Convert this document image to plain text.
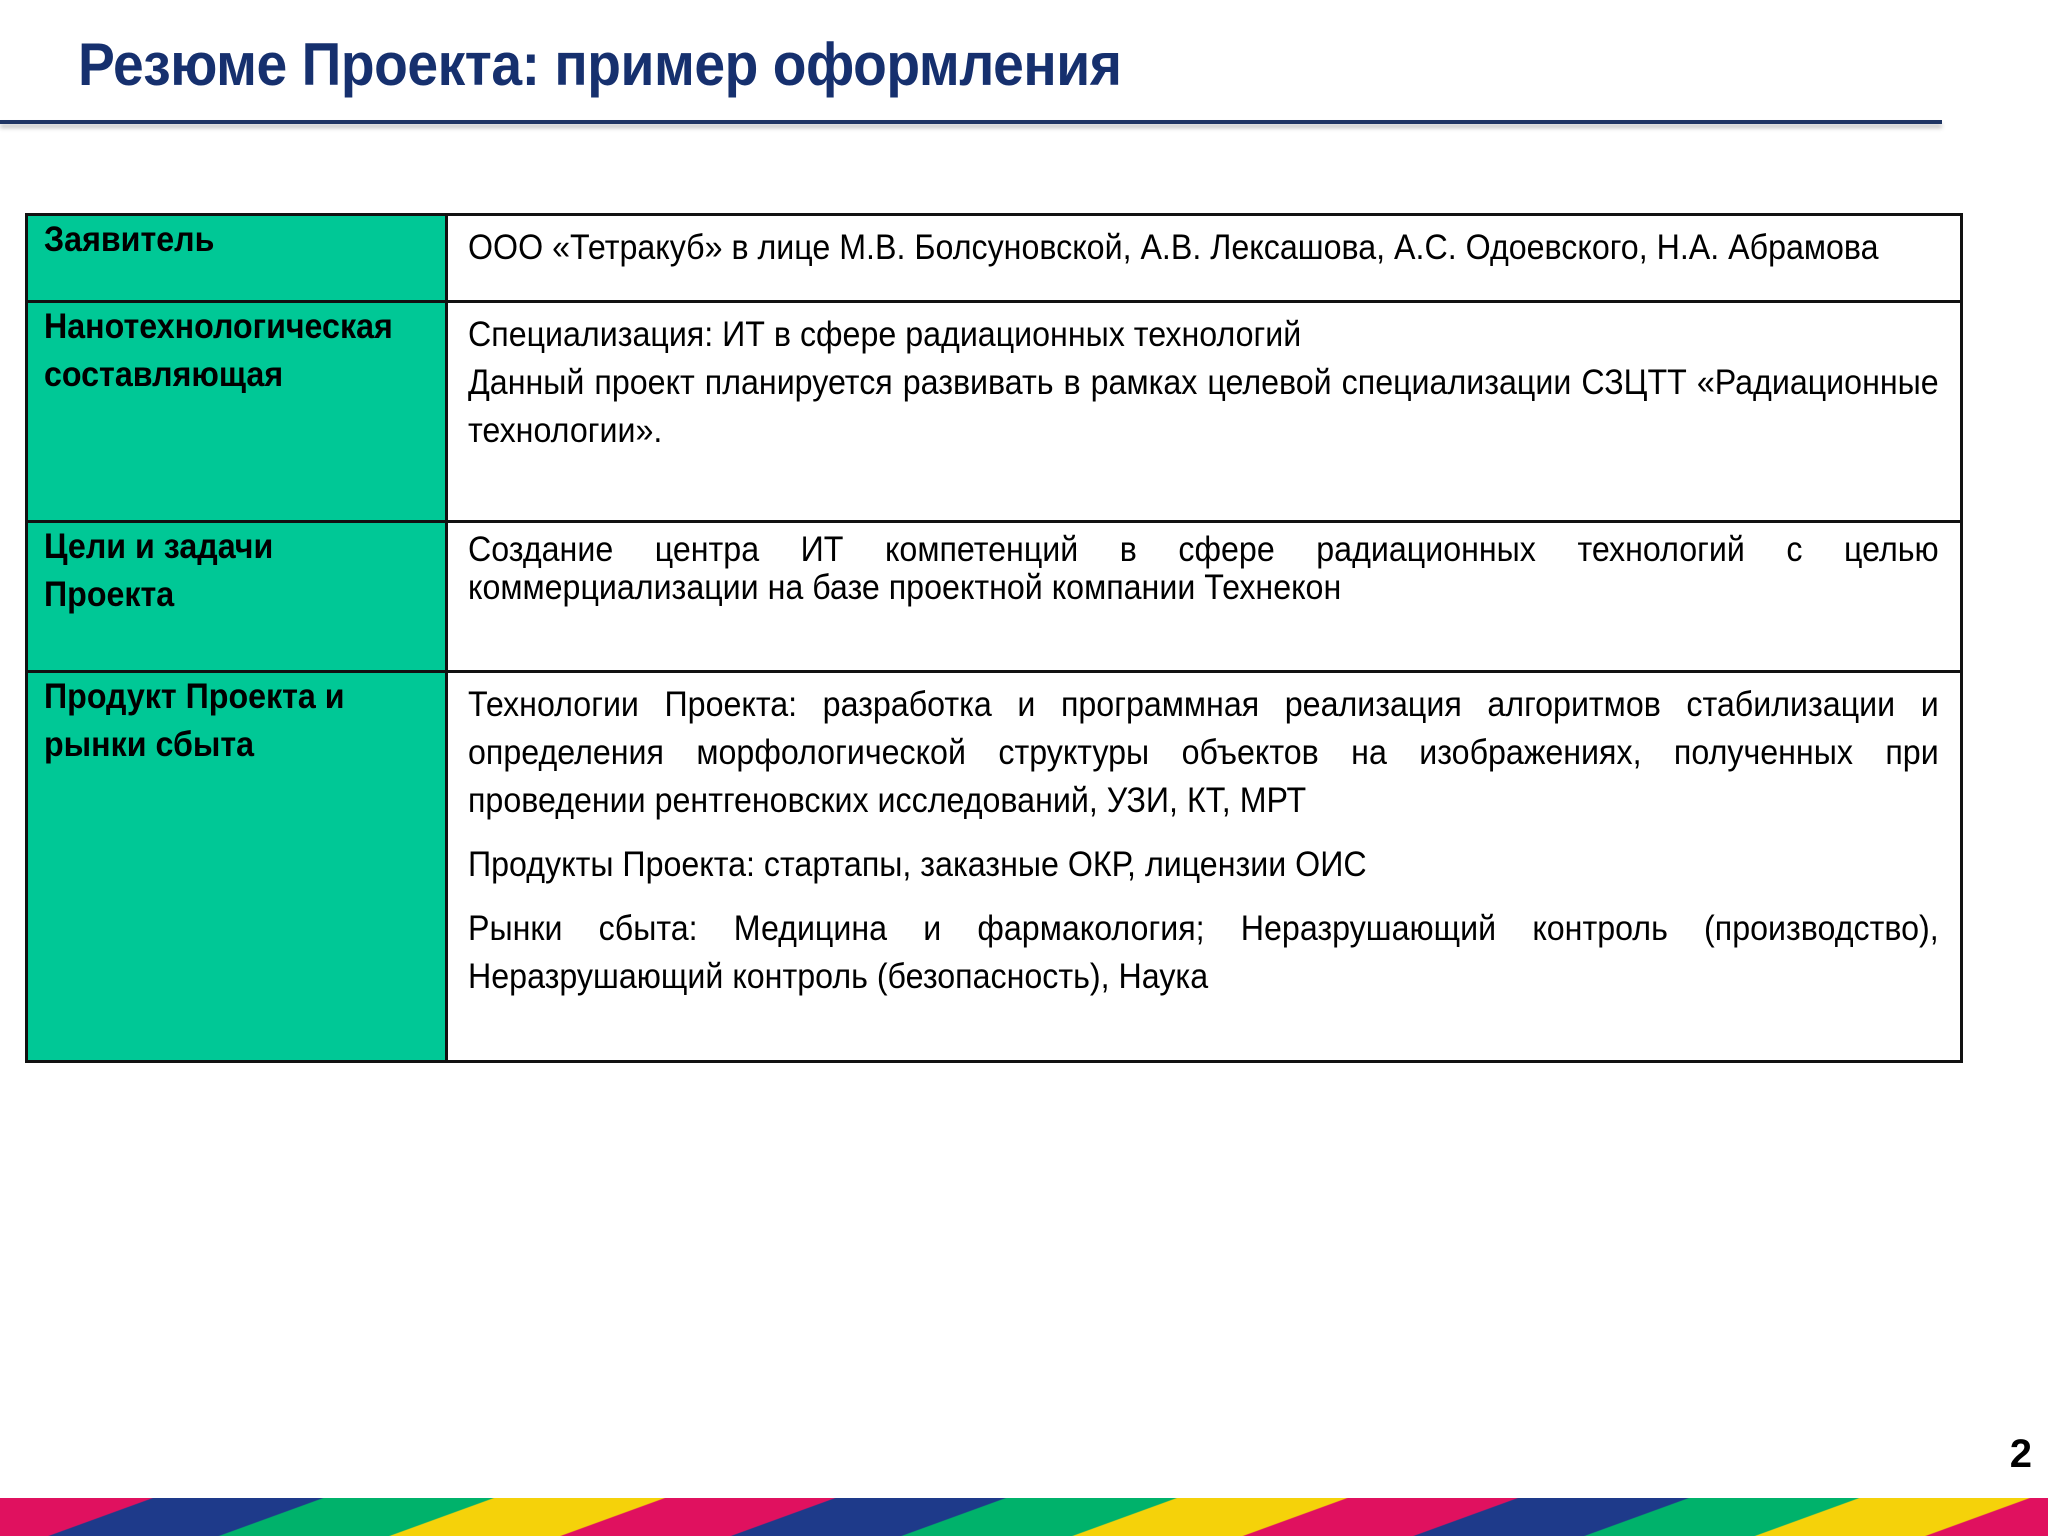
Резюме Проекта: пример оформления
Заявитель	ООО «Тетракуб» в лице М.В. Болсуновской, А.В. Лексашова, А.С. Одоевского, Н.А. Абрамова

Нанотехнологическая составляющая	Специализация: ИТ в сфере радиационных технологий

Данный проект планируется развивать в рамках целевой специализации СЗЦТТ «Радиационные технологии».

Цели и задачи Проекта	Создание центра ИТ компетенций в сфере радиационных технологий с целью коммерциализации на базе проектной компании Технекон

Продукт Проекта и рынки сбыта	Технологии Проекта: разработка и программная реализация алгоритмов стабилизации и определения морфологической структуры объектов на изображениях, полученных при проведении рентгеновских исследований, УЗИ, КТ, МРТ

Продукты Проекта: стартапы, заказные ОКР, лицензии ОИС

Рынки сбыта: Медицина и фармакология; Неразрушающий контроль (производство), Неразрушающий контроль (безопасность), Наука

2
